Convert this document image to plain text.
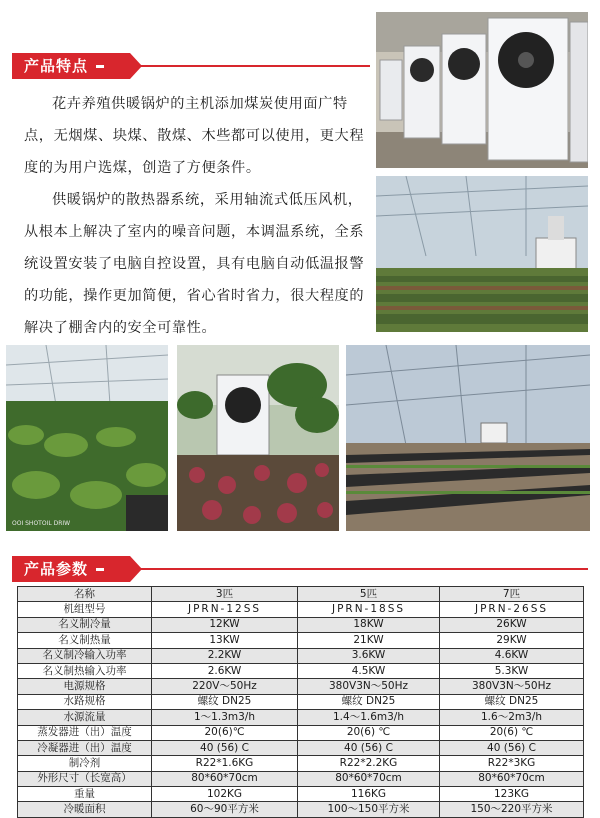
产品特点
花卉养殖供暖锅炉的主机添加煤炭使用面广特点，无烟煤、块煤、散煤、木些都可以使用，更大程度的为用户选煤，创造了方便条件。
供暖锅炉的散热器系统，采用轴流式低压风机，从根本上解决了室内的噪音问题，本调温系统，全系统设置安装了电脑自控设置，具有电脑自动低温报警的功能，操作更加简便，省心省时省力，很大程度的解决了棚舍内的安全可靠性。
OOI SHOTOIL DRIW
产品参数
名称	3匹	5匹	7匹
机组型号	JPRN-12SS	JPRN-18SS	JPRN-26SS
名义制冷量	12KW	18KW	26KW
名义制热量	13KW	21KW	29KW
名义制冷输入功率	2.2KW	3.6KW	4.6KW
名义制热输入功率	2.6KW	4.5KW	5.3KW
电源规格	220V～50Hz	380V3N～50Hz	380V3N～50Hz
水路规格	螺纹 DN25	螺纹 DN25	螺纹 DN25
水源流量	1～1.3m3/h	1.4～1.6m3/h	1.6～2m3/h
蒸发器进（出）温度	20(6)℃	20(6) ℃	20(6) ℃
冷凝器进（出）温度	40 (56) C	40 (56) C	40 (56) C
制冷剂	R22*1.6KG	R22*2.2KG	R22*3KG
外形尺寸（长宽高）	80*60*70cm	80*60*70cm	80*60*70cm
重量	102KG	116KG	123KG
冷暖面积	60～90平方米	100～150平方米	150～220平方米
